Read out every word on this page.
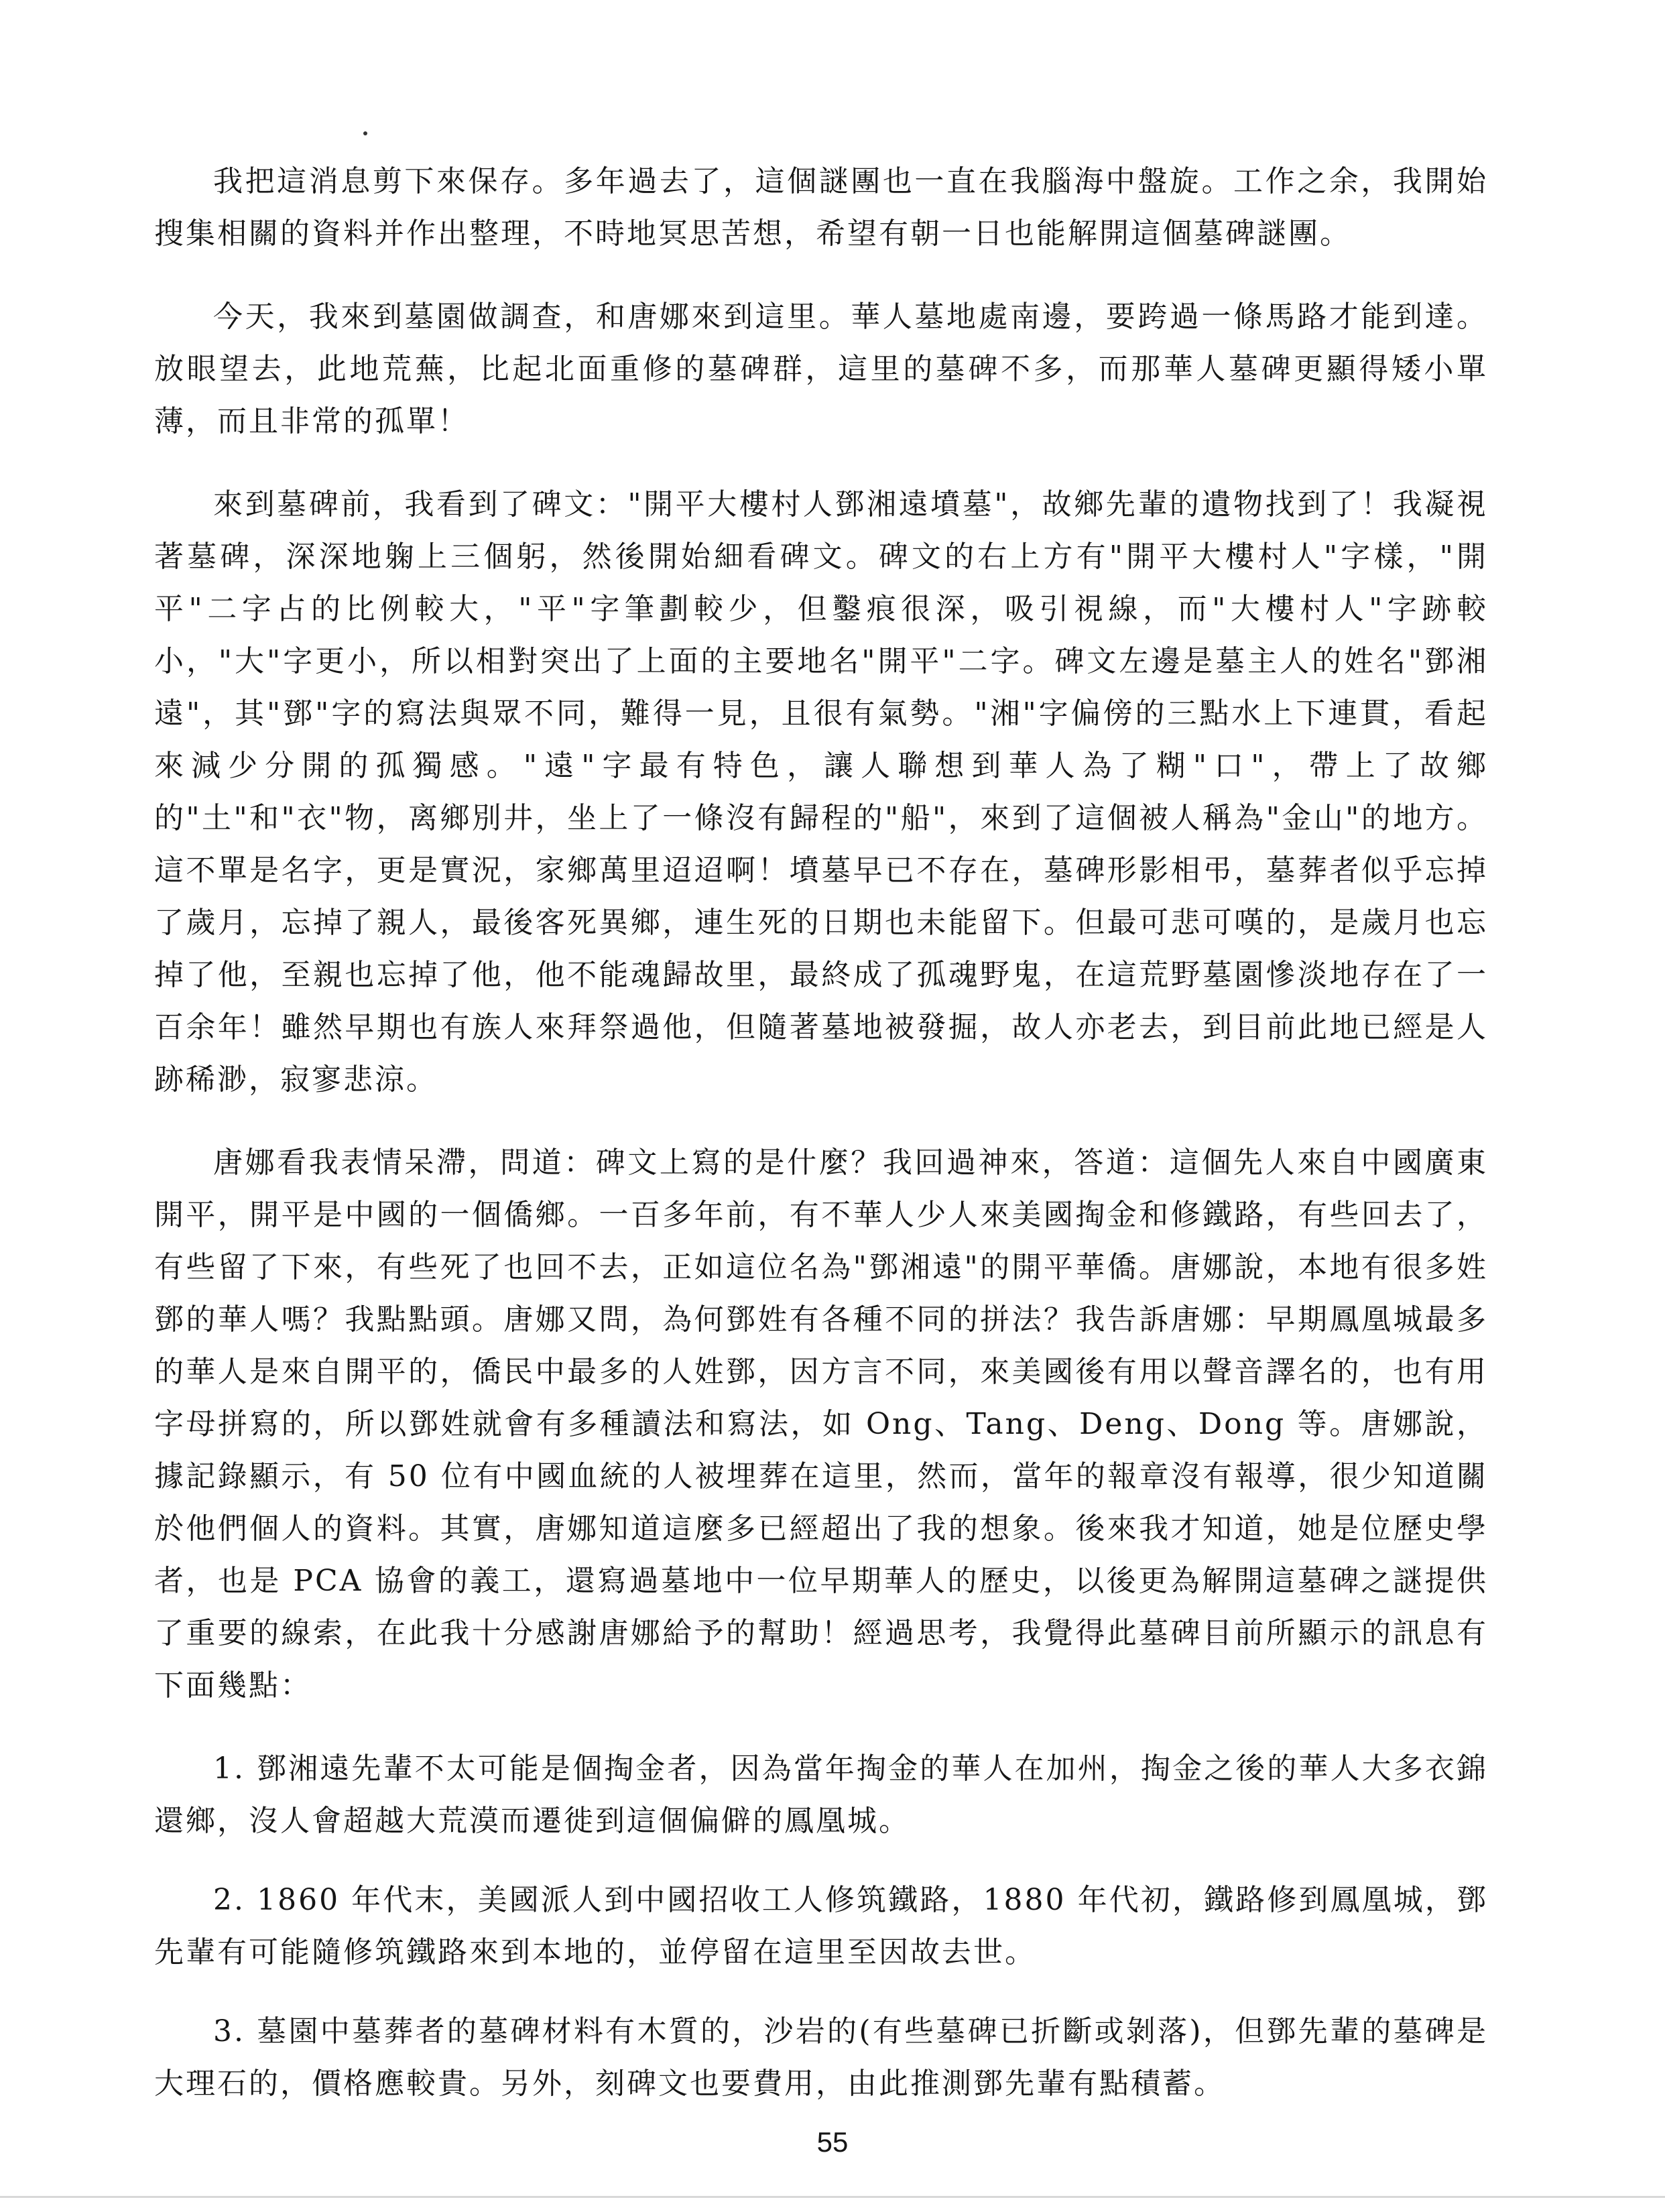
我把這消息剪下來保存。多年過去了，這個謎團也一直在我腦海中盤旋。工作之余，我開始搜集相關的資料并作出整理，不時地冥思苦想，希望有朝一日也能解開這個墓碑謎團。

今天，我來到墓園做調查，和唐娜來到這里。華人墓地處南邊，要跨過一條馬路才能到達。放眼望去，此地荒蕪，比起北面重修的墓碑群，這里的墓碑不多，而那華人墓碑更顯得矮小單薄，而且非常的孤單！

來到墓碑前，我看到了碑文："開平大樓村人鄧湘遠墳墓"，故鄉先輩的遺物找到了！我凝視著墓碑，深深地躹上三個躬，然後開始細看碑文。碑文的右上方有"開平大樓村人"字樣，"開平"二字占的比例較大，"平"字筆劃較少，但鑿痕很深，吸引視線，而"大樓村人"字跡較小，"大"字更小，所以相對突出了上面的主要地名"開平"二字。碑文左邊是墓主人的姓名"鄧湘遠"，其"鄧"字的寫法與眾不同，難得一見，且很有氣勢。"湘"字偏傍的三點水上下連貫，看起來減少分開的孤獨感。"遠"字最有特色，讓人聯想到華人為了糊"口"，帶上了故鄉的"土"和"衣"物，离鄉別井，坐上了一條沒有歸程的"船"，來到了這個被人稱為"金山"的地方。這不單是名字，更是實況，家鄉萬里迢迢啊！墳墓早已不存在，墓碑形影相弔，墓葬者似乎忘掉了歲月，忘掉了親人，最後客死異鄉，連生死的日期也未能留下。但最可悲可嘆的，是歲月也忘掉了他，至親也忘掉了他，他不能魂歸故里，最終成了孤魂野鬼，在這荒野墓園慘淡地存在了一百余年！雖然早期也有族人來拜祭過他，但隨著墓地被發掘，故人亦老去，到目前此地已經是人跡稀渺，寂寥悲涼。

唐娜看我表情呆滯，問道：碑文上寫的是什麼？我回過神來，答道：這個先人來自中國廣東開平，開平是中國的一個僑鄉。一百多年前，有不華人少人來美國掏金和修鐵路，有些回去了，有些留了下來，有些死了也回不去，正如這位名為"鄧湘遠"的開平華僑。唐娜說，本地有很多姓鄧的華人嗎？我點點頭。唐娜又問，為何鄧姓有各種不同的拼法？我告訴唐娜：早期鳳凰城最多的華人是來自開平的，僑民中最多的人姓鄧，因方言不同，來美國後有用以聲音譯名的，也有用字母拼寫的，所以鄧姓就會有多種讀法和寫法，如 Ong、Tang、Deng、Dong 等。唐娜說，據記錄顯示，有 50 位有中國血統的人被埋葬在這里，然而，當年的報章沒有報導，很少知道關於他們個人的資料。其實，唐娜知道這麼多已經超出了我的想象。後來我才知道，她是位歷史學者，也是 PCA 協會的義工，還寫過墓地中一位早期華人的歷史，以後更為解開這墓碑之謎提供了重要的線索，在此我十分感謝唐娜給予的幫助！經過思考，我覺得此墓碑目前所顯示的訊息有下面幾點：

1. 鄧湘遠先輩不太可能是個掏金者，因為當年掏金的華人在加州，掏金之後的華人大多衣錦還鄉，沒人會超越大荒漠而遷徙到這個偏僻的鳳凰城。

2. 1860 年代末，美國派人到中國招收工人修筑鐵路，1880 年代初，鐵路修到鳳凰城，鄧先輩有可能隨修筑鐵路來到本地的，並停留在這里至因故去世。

3. 墓園中墓葬者的墓碑材料有木質的，沙岩的(有些墓碑已折斷或剝落)，但鄧先輩的墓碑是大理石的，價格應較貴。另外，刻碑文也要費用，由此推測鄧先輩有點積蓄。

55
